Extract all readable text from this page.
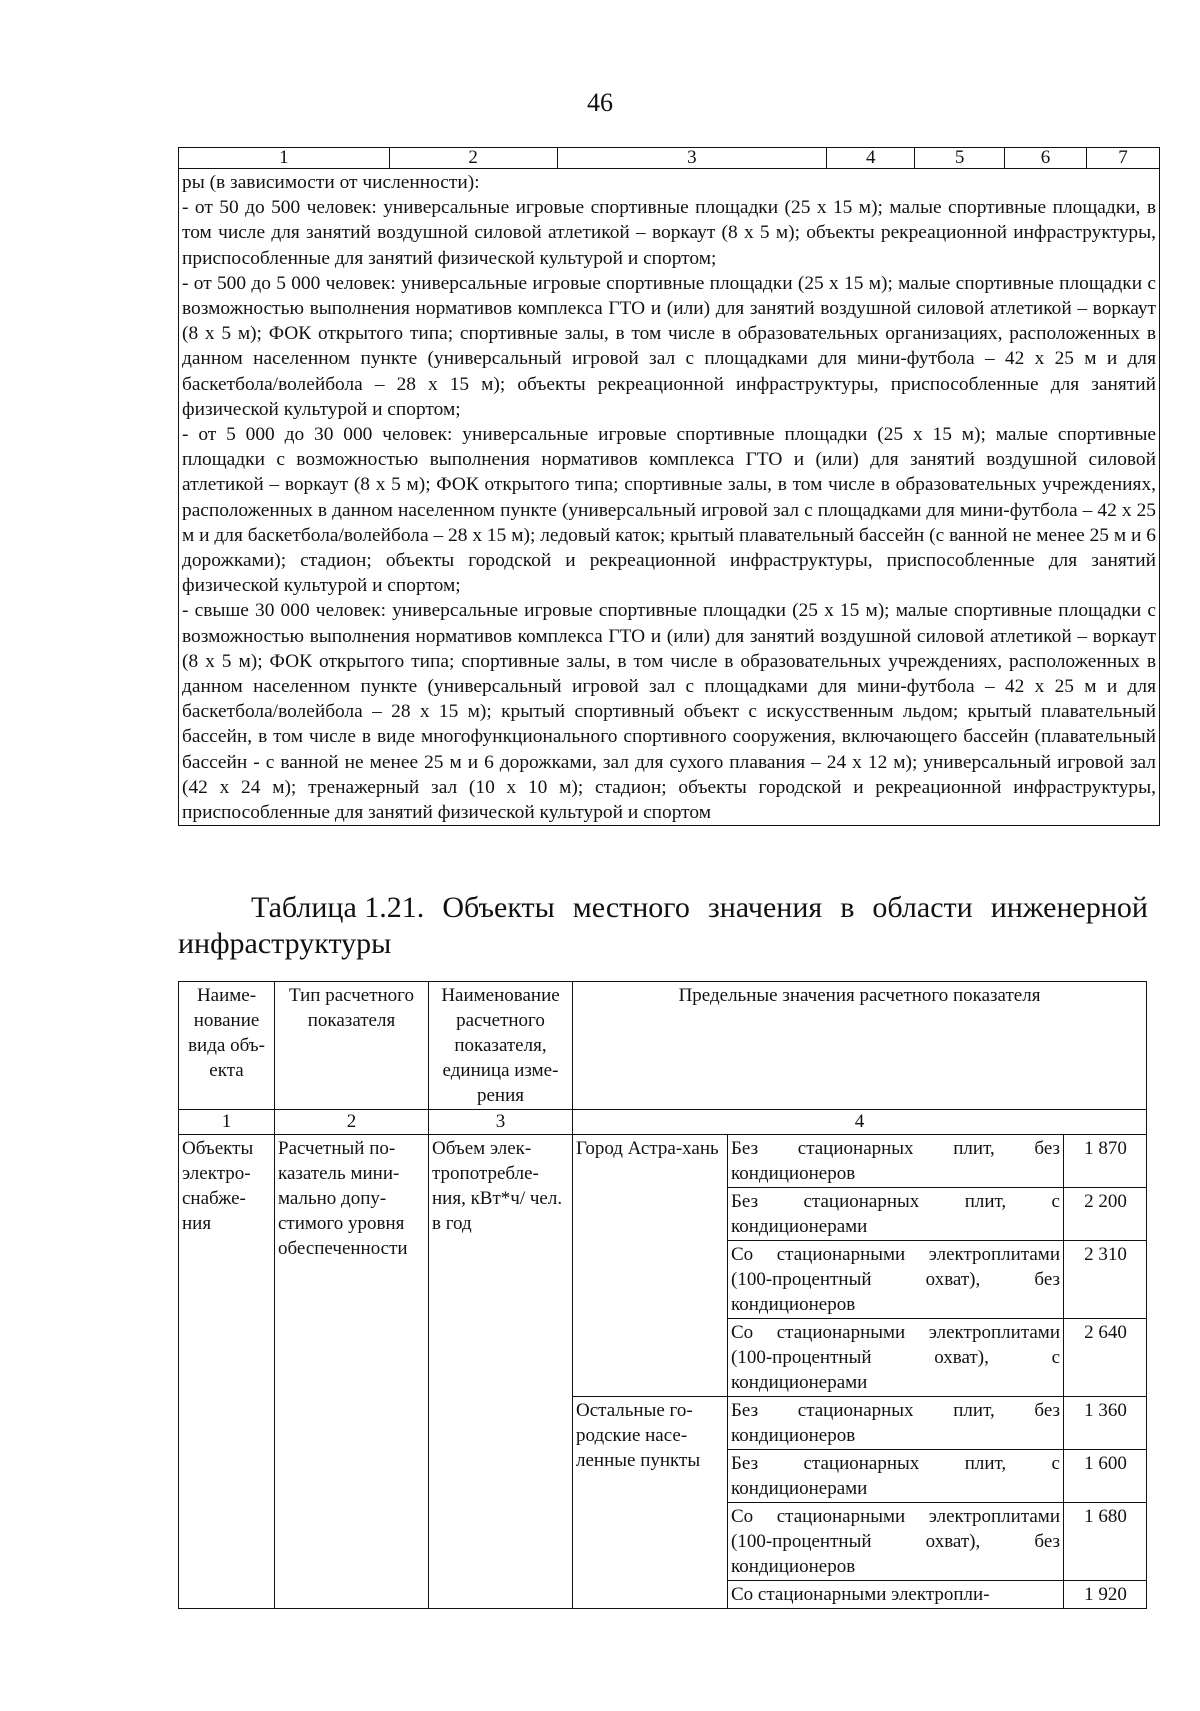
46
1	2	3	4	5	6	7

ры (в зависимости от численности):

- от 50 до 500 человек: универсальные игровые спортивные площадки (25 х 15 м); малые спортивные площадки, в том числе для занятий воздушной силовой атлетикой – воркаут (8 х 5 м); объекты рекреационной инфраструктуры, приспособленные для занятий физической культурой и спортом;

- от 500 до 5 000 человек: универсальные игровые спортивные площадки (25 х 15 м); малые спортивные площадки с возможностью выполнения нормативов комплекса ГТО и (или) для занятий воздушной силовой атлетикой – воркаут (8 х 5 м); ФОК открытого типа; спортивные залы, в том числе в образовательных организациях, расположенных в данном населенном пункте (универсальный игровой зал с площадками для мини-футбола – 42 х 25 м и для баскетбола/волейбола – 28 х 15 м); объекты рекреационной инфраструктуры, приспособленные для занятий физической культурой и спортом;

- от 5 000 до 30 000 человек: универсальные игровые спортивные площадки (25 х 15 м); малые спортивные площадки с возможностью выполнения нормативов комплекса ГТО и (или) для занятий воздушной силовой атлетикой – воркаут (8 х 5 м); ФОК открытого типа; спортивные залы, в том числе в образовательных учреждениях, расположенных в данном населенном пункте (универсальный игровой зал с площадками для мини-футбола – 42 х 25 м и для баскетбола/волейбола – 28 х 15 м); ледовый каток; крытый плавательный бассейн (с ванной не менее 25 м и 6 дорожками); стадион; объекты городской и рекреационной инфраструктуры, приспособленные для занятий физической культурой и спортом;

- свыше 30 000 человек: универсальные игровые спортивные площадки (25 х 15 м); малые спортивные площадки с возможностью выполнения нормативов комплекса ГТО и (или) для занятий воздушной силовой атлетикой – воркаут (8 х 5 м); ФОК открытого типа; спортивные залы, в том числе в образовательных учреждениях, расположенных в данном населенном пункте (универсальный игровой зал с площадками для мини-футбола – 42 х 25 м и для баскетбола/волейбола – 28 х 15 м); крытый спортивный объект с искусственным льдом; крытый плавательный бассейн, в том числе в виде многофункционального спортивного сооружения, включающего бассейн (плавательный бассейн - с ванной не менее 25 м и 6 дорожками, зал для сухого плавания – 24 х 12 м); универсальный игровой зал (42 х 24 м); тренажерный зал (10 х 10 м); стадион; объекты городской и рекреационной инфраструктуры, приспособленные для занятий физической культурой и спортом

Таблица 1.21. Объекты местного значения в области инженерной
инфраструктуры
Наиме-нование вида объ-екта	Тип расчетного показателя	Наименование расчетного показателя, единица изме-рения	Предельные значения расчетного показателя		
1	2	3	4		
Объекты электро-снабже-ния	Расчетный по-казатель мини-мально допу-стимого уровня обеспеченности	Объем элек-тропотребле-ния, кВт*ч/ чел. в год	Город Астра-хань	Без стационарных плит, без кондиционеров	1 870
				Без стационарных плит, с кондиционерами	2 200
				Со стационарными электроплитами (100-процентный охват), без кондиционеров	2 310
				Со стационарными электроплитами (100-процентный охват), с кондиционерами	2 640
			Остальные го-родские насе-ленные пункты	Без стационарных плит, без кондиционеров	1 360
				Без стационарных плит, с кондиционерами	1 600
				Со стационарными электроплитами (100-процентный охват), без кондиционеров	1 680
				Со стационарными электропли-	1 920
